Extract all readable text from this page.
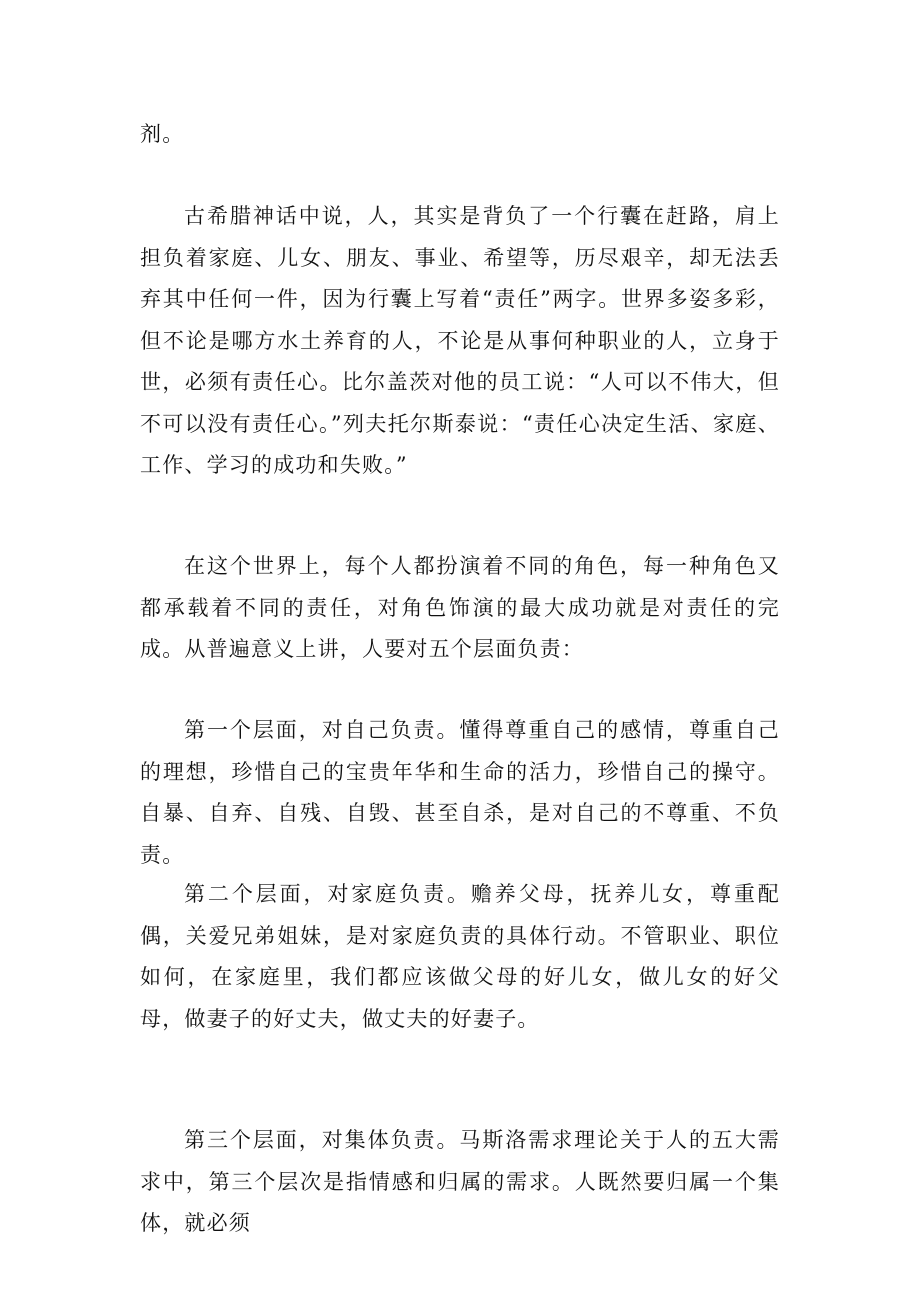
剂。

古希腊神话中说，人，其实是背负了一个行囊在赶路，肩上担负着家庭、儿女、朋友、事业、希望等，历尽艰辛，却无法丢弃其中任何一件，因为行囊上写着“责任”两字。世界多姿多彩，但不论是哪方水土养育的人，不论是从事何种职业的人，立身于世，必须有责任心。比尔盖茨对他的员工说：“人可以不伟大，但不可以没有责任心。”列夫托尔斯泰说：“责任心决定生活、家庭、工作、学习的成功和失败。”

在这个世界上，每个人都扮演着不同的角色，每一种角色又都承载着不同的责任，对角色饰演的最大成功就是对责任的完成。从普遍意义上讲，人要对五个层面负责：

第一个层面，对自己负责。懂得尊重自己的感情，尊重自己的理想，珍惜自己的宝贵年华和生命的活力，珍惜自己的操守。自暴、自弃、自残、自毁、甚至自杀，是对自己的不尊重、不负责。

第二个层面，对家庭负责。赡养父母，抚养儿女，尊重配偶，关爱兄弟姐妹，是对家庭负责的具体行动。不管职业、职位如何，在家庭里，我们都应该做父母的好儿女，做儿女的好父母，做妻子的好丈夫，做丈夫的好妻子。

第三个层面，对集体负责。马斯洛需求理论关于人的五大需求中，第三个层次是指情感和归属的需求。人既然要归属一个集体，就必须
